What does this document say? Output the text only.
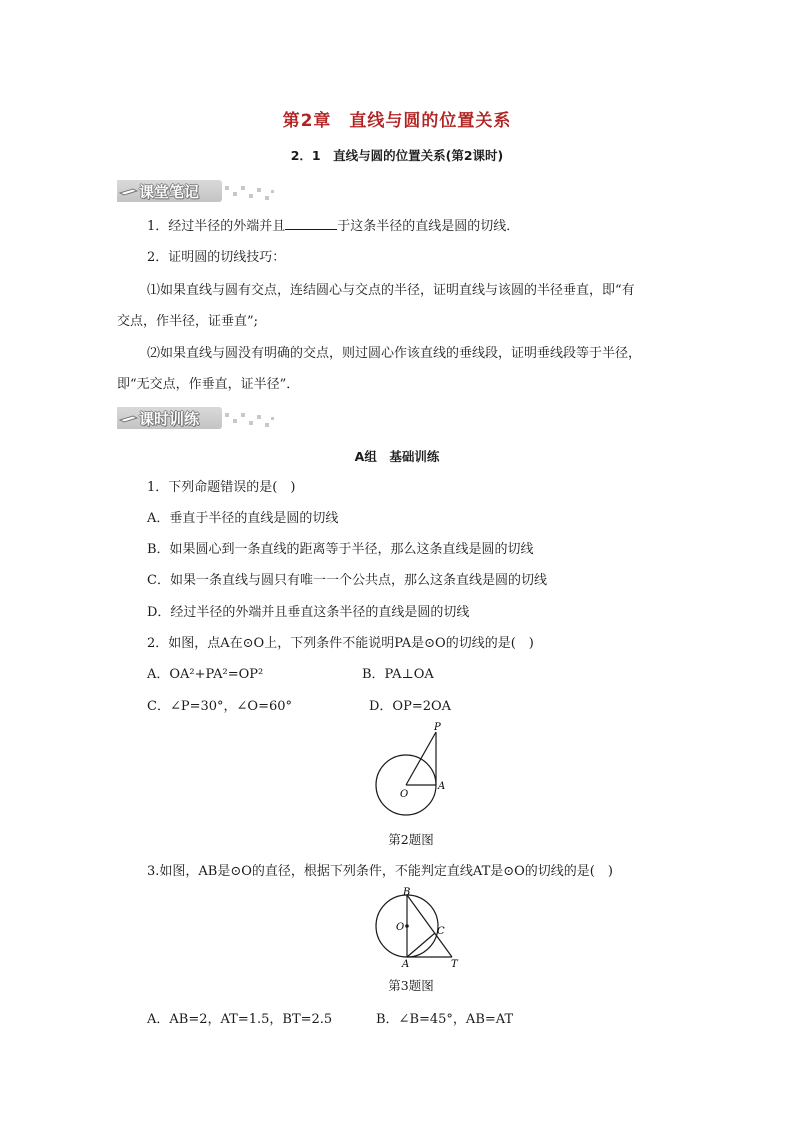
第2章　直线与圆的位置关系
2．1　直线与圆的位置关系(第2课时)
课堂笔记
1．经过半径的外端并且	于这条半径的直线是圆的切线．
2．证明圆的切线技巧：
⑴如果直线与圆有交点，连结圆心与交点的半径，证明直线与该圆的半径垂直，即“有
交点，作半径，证垂直”;
⑵如果直线与圆没有明确的交点，则过圆心作该直线的垂线段，证明垂线段等于半径，
即“无交点，作垂直，证半径”．
课时训练
A组　基础训练
1．下列命题错误的是(　)
A．垂直于半径的直线是圆的切线
B．如果圆心到一条直线的距离等于半径，那么这条直线是圆的切线
C．如果一条直线与圆只有唯一一个公共点，那么这条直线是圆的切线
D．经过半径的外端并且垂直这条半径的直线是圆的切线
2．如图，点A在⊙O上，下列条件不能说明PA是⊙O的切线的是(　)
A．OA²+PA²=OP²	B．PA⊥OA
C．∠P=30°，∠O=60°	D．OP=2OA
P
O
A
第2题图
3.如图，AB是⊙O的直径，根据下列条件，不能判定直线AT是⊙O的切线的是(　)
B
O	C
A	T
第3题图
A．AB=2，AT=1.5，BT=2.5	B．∠B=45°，AB=AT
